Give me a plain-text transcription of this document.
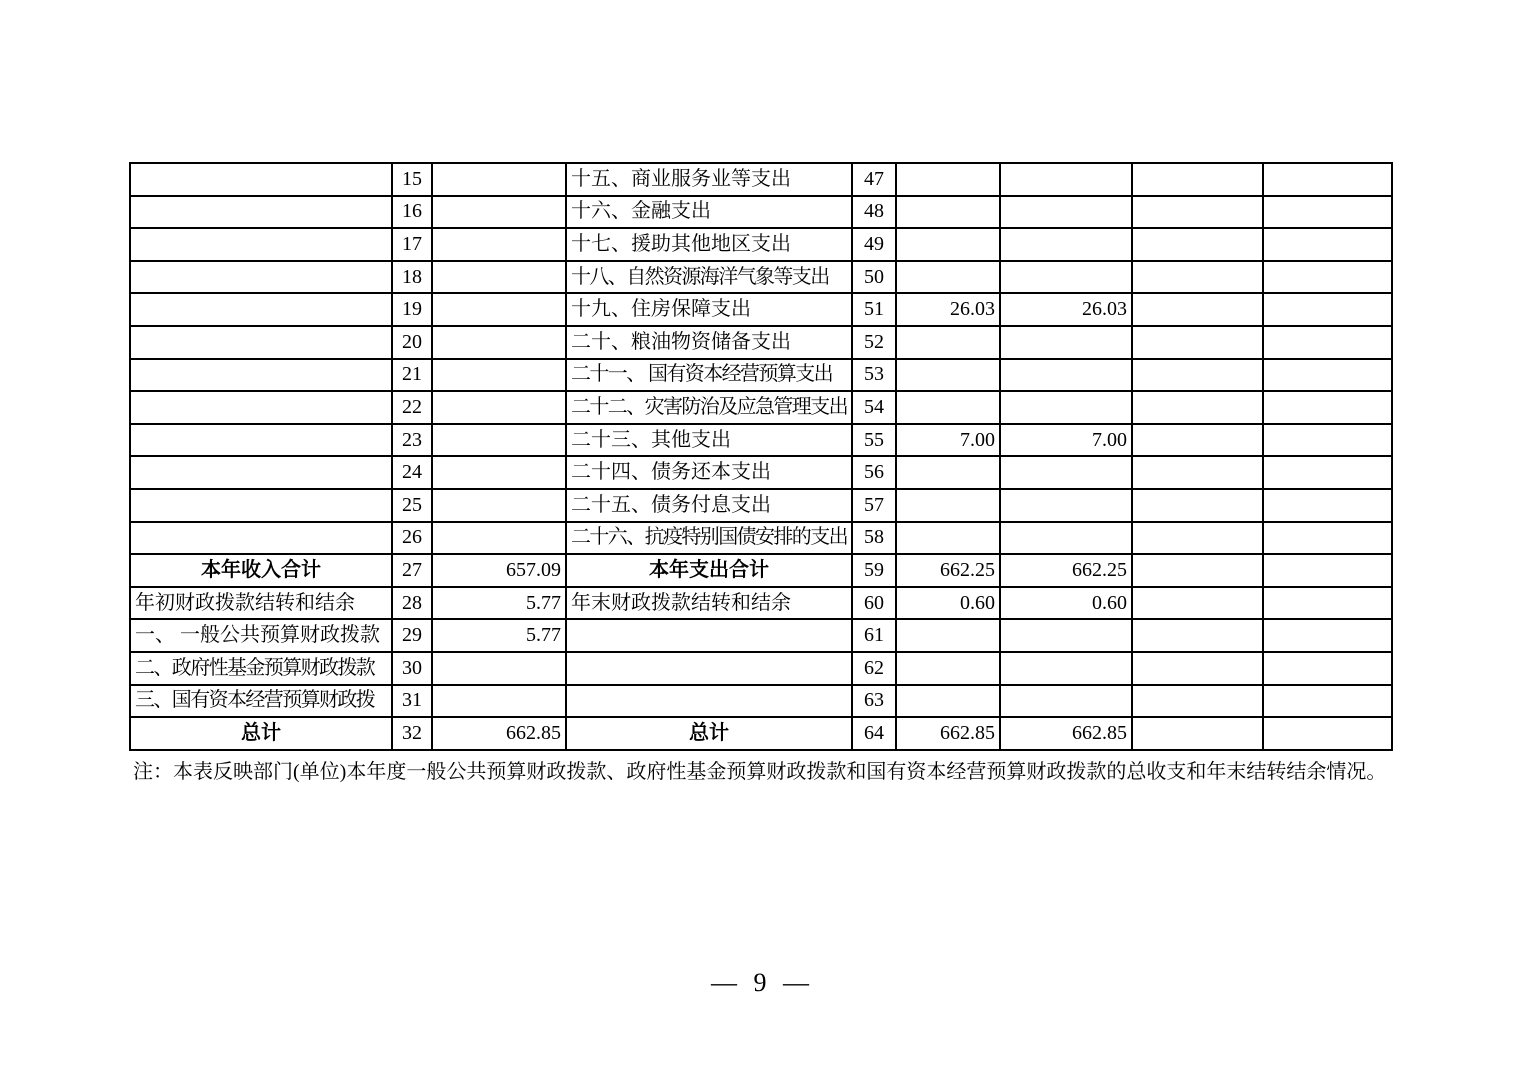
	15		十五、商业服务业等支出	47				
	16		十六、金融支出	48				
	17		十七、援助其他地区支出	49				
	18		十八、自然资源海洋气象等支出	50				
	19		十九、住房保障支出	51	26.03	26.03		
	20		二十、粮油物资储备支出	52				
	21		二十一、 国有资本经营预算支出	53				
	22		二十二、灾害防治及应急管理支出	54				
	23		二十三、其他支出	55	7.00	7.00		
	24		二十四、债务还本支出	56				
	25		二十五、债务付息支出	57				
	26		二十六、抗疫特别国债安排的支出	58				
本年收入合计	27	657.09	本年支出合计	59	662.25	662.25		
年初财政拨款结转和结余	28	5.77	年末财政拨款结转和结余	60	0.60	0.60		
一、 一般公共预算财政拨款	29	5.77		61				
二、政府性基金预算财政拨款	30			62				
三、国有资本经营预算财政拨	31			63				
总计	32	662.85	总计	64	662.85	662.85		
注：本表反映部门(单位)本年度一般公共预算财政拨款、政府性基金预算财政拨款和国有资本经营预算财政拨款的总收支和年末结转结余情况。
— 9 —
